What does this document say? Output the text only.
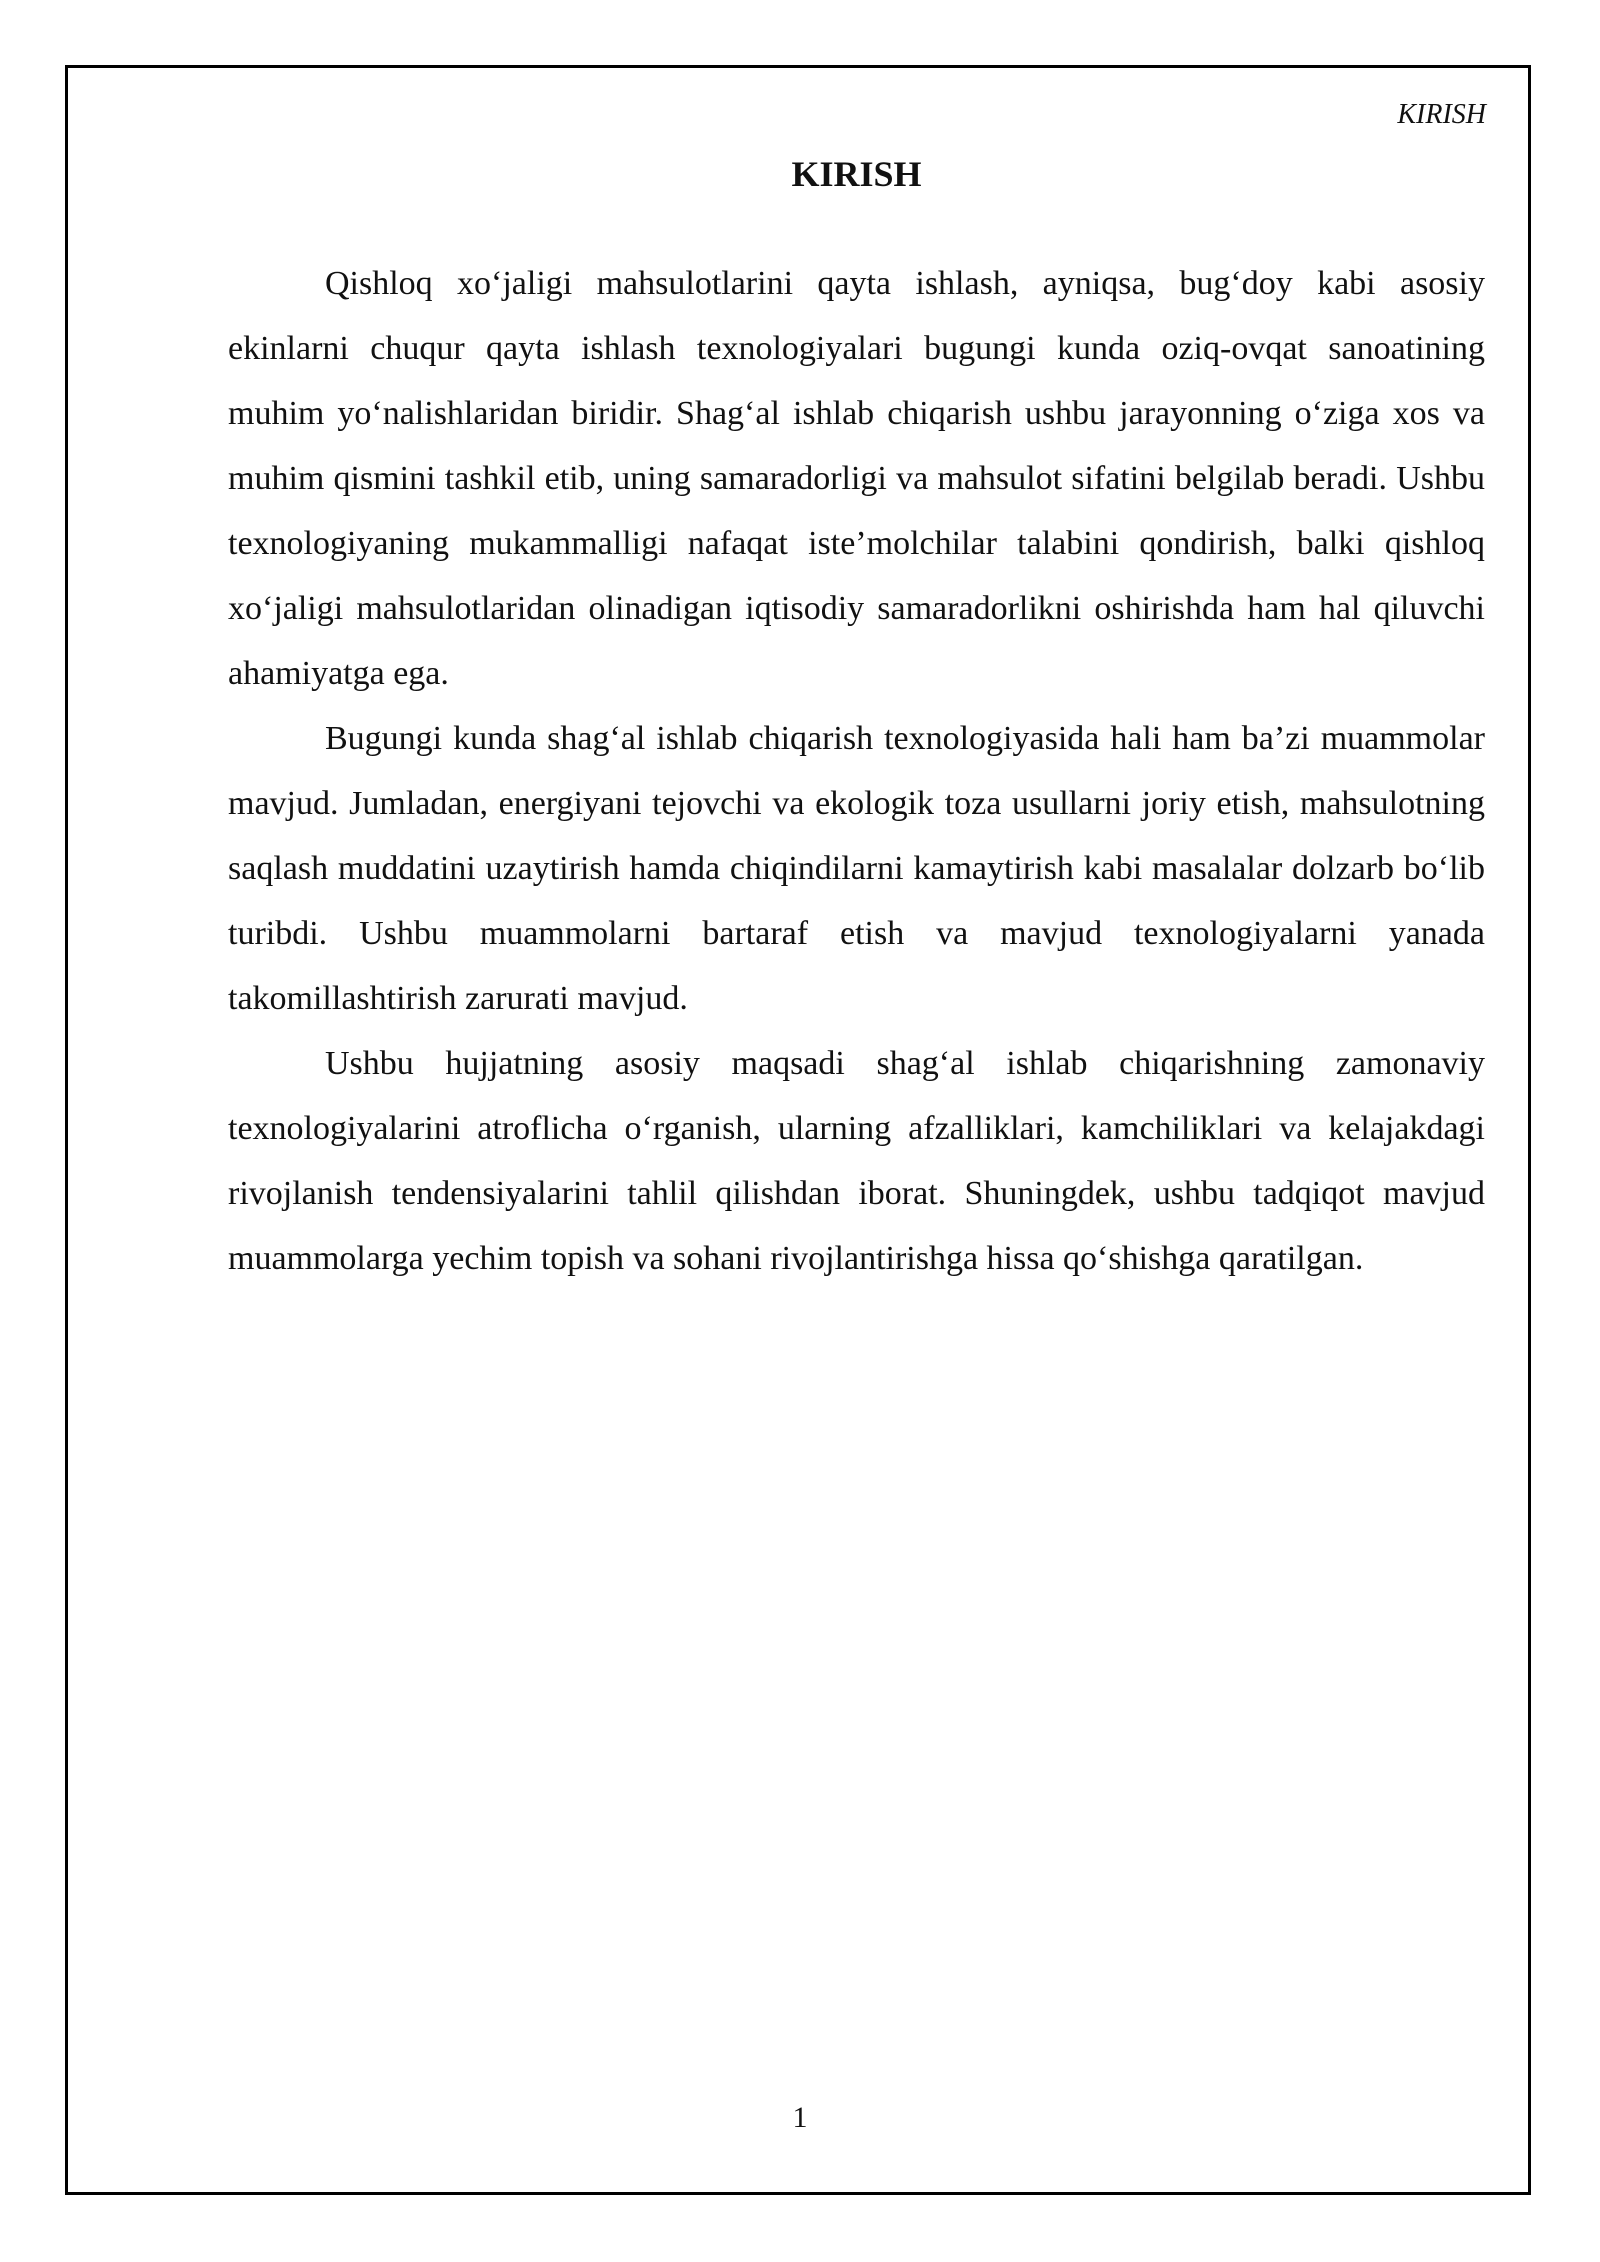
KIRISH

KIRISH

Qishloq xo‘jaligi mahsulotlarini qayta ishlash, ayniqsa, bug‘doy kabi asosiy ekinlarni chuqur qayta ishlash texnologiyalari bugungi kunda oziq-ovqat sanoatining muhim yo‘nalishlaridan biridir. Shag‘al ishlab chiqarish ushbu jarayonning o‘ziga xos va muhim qismini tashkil etib, uning samaradorligi va mahsulot sifatini belgilab beradi. Ushbu texnologiyaning mukammalligi nafaqat iste’molchilar talabini qondirish, balki qishloq xo‘jaligi mahsulotlaridan olinadigan iqtisodiy samaradorlikni oshirishda ham hal qiluvchi ahamiyatga ega.

Bugungi kunda shag‘al ishlab chiqarish texnologiyasida hali ham ba’zi muammolar mavjud. Jumladan, energiyani tejovchi va ekologik toza usullarni joriy etish, mahsulotning saqlash muddatini uzaytirish hamda chiqindilarni kamaytirish kabi masalalar dolzarb bo‘lib turibdi. Ushbu muammolarni bartaraf etish va mavjud texnologiyalarni yanada takomillashtirish zarurati mavjud.

Ushbu hujjatning asosiy maqsadi shag‘al ishlab chiqarishning zamonaviy texnologiyalarini atroflicha o‘rganish, ularning afzalliklari, kamchiliklari va kelajakdagi rivojlanish tendensiyalarini tahlil qilishdan iborat. Shuningdek, ushbu tadqiqot mavjud muammolarga yechim topish va sohani rivojlantirishga hissa qo‘shishga qaratilgan.

1
